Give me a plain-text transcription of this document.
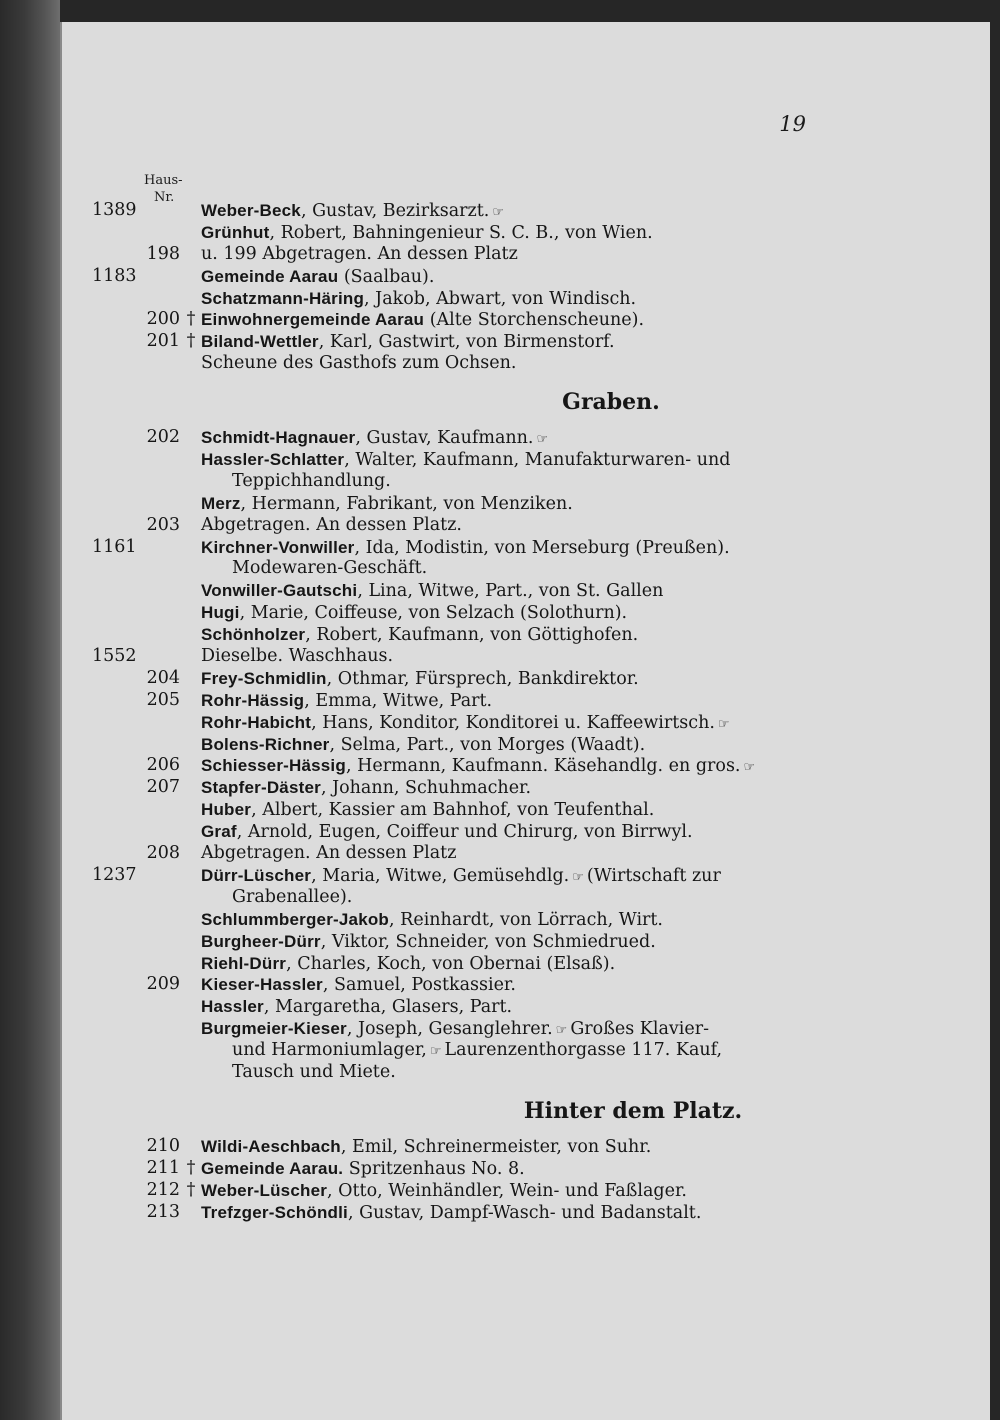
19
Haus-
Nr.
1389	Weber-Beck, Gustav, Bezirksarzt. ☞
Grünhut, Robert, Bahningenieur S. C. B., von Wien.
198 u. 199 Abgetragen. An dessen Platz
1183	Gemeinde Aarau (Saalbau).
Schatzmann-Häring, Jakob, Abwart, von Windisch.
200 † Einwohnergemeinde Aarau (Alte Storchenscheune).
201 † Biland-Wettler, Karl, Gastwirt, von Birmenstorf.
Scheune des Gasthofs zum Ochsen.
Graben.
202 Schmidt-Hagnauer, Gustav, Kaufmann. ☞
Hassler-Schlatter, Walter, Kaufmann, Manufakturwaren- und
Teppichhandlung.
Merz, Hermann, Fabrikant, von Menziken.
203 Abgetragen. An dessen Platz.
1161	Kirchner-Vonwiller, Ida, Modistin, von Merseburg (Preußen).
Modewaren-Geschäft.
Vonwiller-Gautschi, Lina, Witwe, Part., von St. Gallen
Hugi, Marie, Coiffeuse, von Selzach (Solothurn).
Schönholzer, Robert, Kaufmann, von Göttighofen.
1552	Dieselbe. Waschhaus.
204 Frey-Schmidlin, Othmar, Fürsprech, Bankdirektor.
205 Rohr-Hässig, Emma, Witwe, Part.
Rohr-Habicht, Hans, Konditor, Konditorei u. Kaffeewirtsch. ☞
Bolens-Richner, Selma, Part., von Morges (Waadt).
206 Schiesser-Hässig, Hermann, Kaufmann. Käsehandlg. en gros. ☞
207 Stapfer-Däster, Johann, Schuhmacher.
Huber, Albert, Kassier am Bahnhof, von Teufenthal.
Graf, Arnold, Eugen, Coiffeur und Chirurg, von Birrwyl.
208 Abgetragen. An dessen Platz
1237	Dürr-Lüscher, Maria, Witwe, Gemüsehdlg. ☞ (Wirtschaft zur
Grabenallee).
Schlummberger-Jakob, Reinhardt, von Lörrach, Wirt.
Burgheer-Dürr, Viktor, Schneider, von Schmiedrued.
Riehl-Dürr, Charles, Koch, von Obernai (Elsaß).
209 Kieser-Hassler, Samuel, Postkassier.
Hassler, Margaretha, Glasers, Part.
Burgmeier-Kieser, Joseph, Gesanglehrer. ☞ Großes Klavier-
und Harmoniumlager, ☞ Laurenzenthorgasse 117. Kauf,
Tausch und Miete.
Hinter dem Platz.
210 Wildi-Aeschbach, Emil, Schreinermeister, von Suhr.
211 † Gemeinde Aarau. Spritzenhaus No. 8.
212 † Weber-Lüscher, Otto, Weinhändler, Wein- und Faßlager.
213 Trefzger-Schöndli, Gustav, Dampf-Wasch- und Badanstalt.
